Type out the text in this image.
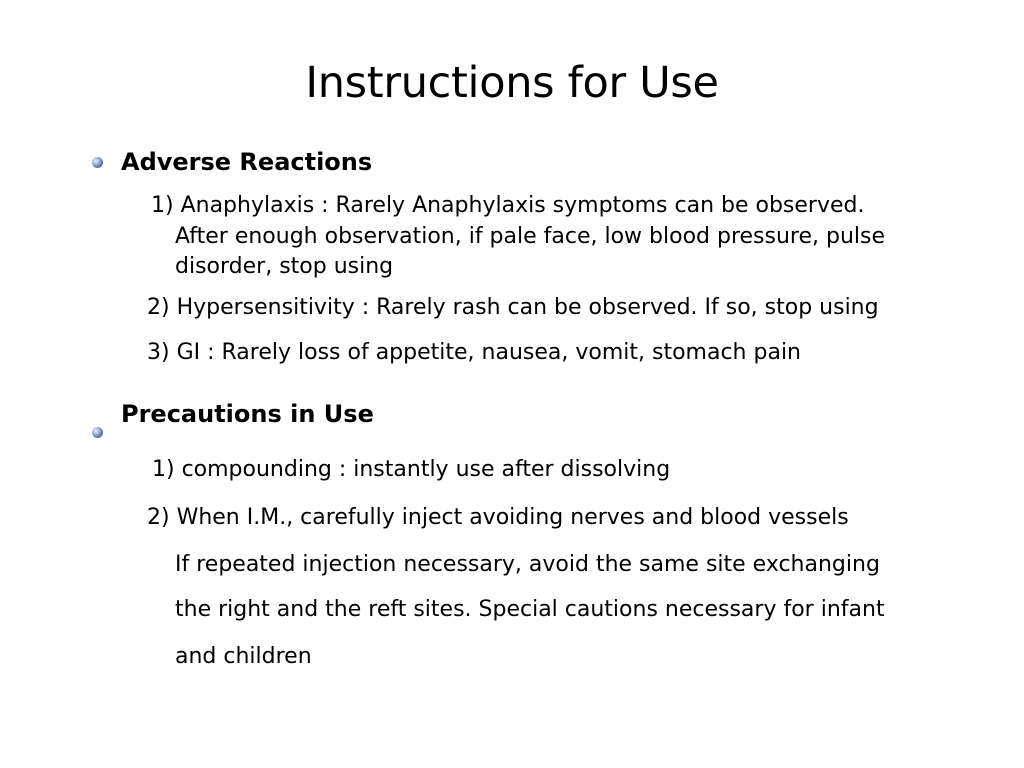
Instructions for Use
Adverse Reactions
1) Anaphylaxis : Rarely Anaphylaxis symptoms can be observed.
After enough observation, if pale face, low blood pressure, pulse
disorder, stop using
2) Hypersensitivity : Rarely rash can be observed. If so, stop using
3) GI : Rarely loss of appetite, nausea, vomit, stomach pain
Precautions in Use
1) compounding : instantly use after dissolving
2) When I.M., carefully inject avoiding nerves and blood vessels
If repeated injection necessary, avoid the same site exchanging
the right and the reft sites. Special cautions necessary for infant
and children
